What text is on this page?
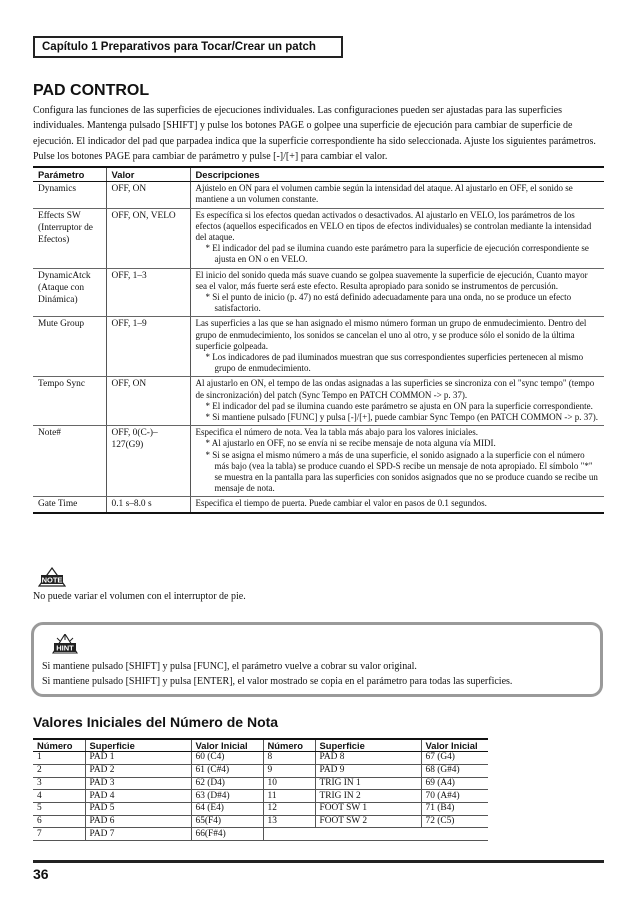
Capítulo 1 Preparativos para Tocar/Crear un patch
PAD CONTROL

Configura las funciones de las superficies de ejecuciones individuales. Las configuraciones pueden ser ajustadas para las superficies individuales. Mantenga pulsado [SHIFT] y pulse los botones PAGE o golpee una superficie de ejecución para cambiar de superficie de ejecución. El indicador del pad que parpadea indica que la superficie correspondiente ha sido seleccionada. Ajuste los siguientes parámetros. Pulse los botones PAGE para cambiar de parámetro y pulse [-]/[+] para cambiar el valor.

Parámetro	Valor	Descripciones
Dynamics	OFF, ON	Ajústelo en ON para el volumen cambie según la intensidad del ataque. Al ajustarlo en OFF, el sonido se mantiene a un volumen constante.
Effects SW (Interruptor de Efectos)	OFF, ON, VELO	Es específica si los efectos quedan activados o desactivados. Al ajustarlo en VELO, los parámetros de los efectos (aquellos especificados en VELO en tipos de efectos individuales) se controlan mediante la intensidad del ataque.
* El indicador del pad se ilumina cuando este parámetro para la superficie de ejecución correspondiente se ajusta en ON o en VELO.

DynamicAtck (Ataque con Dinámica)	OFF, 1–3	El inicio del sonido queda más suave cuando se golpea suavemente la superficie de ejecución, Cuanto mayor sea el valor, más fuerte será este efecto. Resulta apropiado para sonido se instrumentos de percusión.
* Si el punto de inicio (p. 47) no está definido adecuadamente para una onda, no se produce un efecto satisfactorio.

Mute Group	OFF, 1–9	Las superficies a las que se han asignado el mismo número forman un grupo de enmudecimiento. Dentro del grupo de enmudecimiento, los sonidos se cancelan el uno al otro, y se produce sólo el sonido de la última superficie golpeada.
* Los indicadores de pad iluminados muestran que sus correspondientes superficies pertenecen al mismo grupo de enmudecimiento.

Tempo Sync	OFF, ON	Al ajustarlo en ON, el tempo de las ondas asignadas a las superficies se sincroniza con el "sync tempo" (tempo de sincronización) del patch (Sync Tempo en PATCH COMMON -> p. 37).
* El indicador del pad se ilumina cuando este parámetro se ajusta en ON para la superficie correspondiente.
* Si mantiene pulsado [FUNC] y pulsa [-]/[+], puede cambiar Sync Tempo (en PATCH COMMON -> p. 37).

Note#	OFF, 0(C-)–127(G9)	Especifica el número de nota. Vea la tabla más abajo para los valores iniciales.
* Al ajustarlo en OFF, no se envía ni se recibe mensaje de nota alguna vía MIDI.
* Si se asigna el mismo número a más de una superficie, el sonido asignado a la superficie con el número más bajo (vea la tabla) se produce cuando el SPD-S recibe un mensaje de nota apropiado. El símbolo "*" se muestra en la pantalla para las superficies con sonidos asignados que no se produce cuando se recibe un mensaje de nota.

Gate Time	0.1 s–8.0 s	Especifica el tiempo de puerta. Puede cambiar el valor en pasos de 0.1 segundos.
NOTE

No puede variar el volumen con el interruptor de pie.

HINT

Si mantiene pulsado [SHIFT] y pulsa [FUNC], el parámetro vuelve a cobrar su valor original.

Si mantiene pulsado [SHIFT] y pulsa [ENTER], el valor mostrado se copia en el parámetro para todas las superficies.

Valores Iniciales del Número de Nota
Número	Superficie	Valor Inicial	Número	Superficie	Valor Inicial
1	PAD 1	60 (C4)	8	PAD 8	67 (G4)
2	PAD 2	61 (C#4)	9	PAD 9	68 (G#4)
3	PAD 3	62 (D4)	10	TRIG IN 1	69 (A4)
4	PAD 4	63 (D#4)	11	TRIG IN 2	70 (A#4)
5	PAD 5	64 (E4)	12	FOOT SW 1	71 (B4)
6	PAD 6	65(F4)	13	FOOT SW 2	72 (C5)
7	PAD 7	66(F#4)			

36
